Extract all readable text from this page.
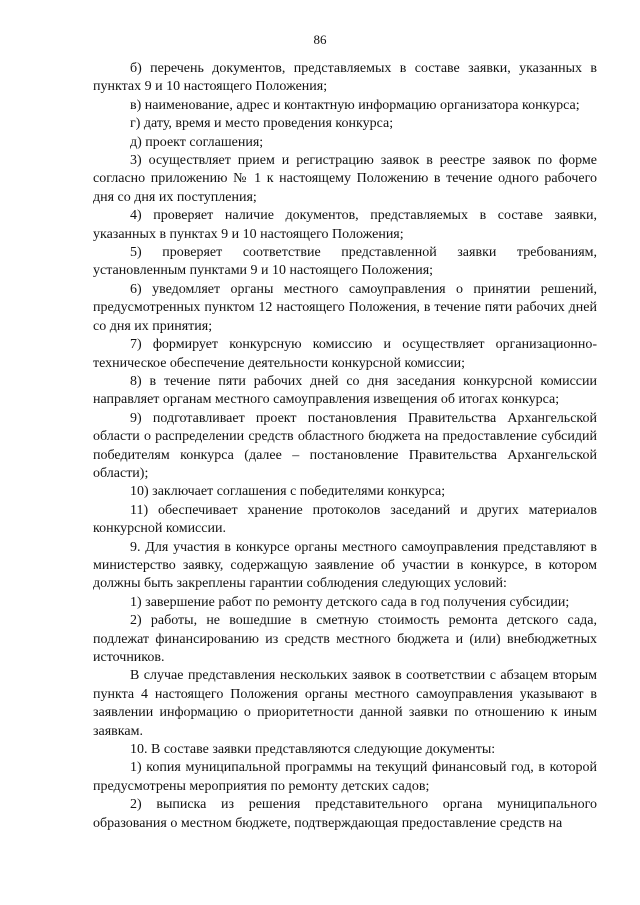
86

б) перечень документов, представляемых в составе заявки, указанных в пунктах 9 и 10 настоящего Положения;

в) наименование, адрес и контактную информацию организатора конкурса;

г) дату, время и место проведения конкурса;

д) проект соглашения;

3) осуществляет прием и регистрацию заявок в реестре заявок по форме согласно приложению № 1 к настоящему Положению в течение одного рабочего дня со дня их поступления;

4) проверяет наличие документов, представляемых в составе заявки, указанных в пунктах 9 и 10 настоящего Положения;

5) проверяет соответствие представленной заявки требованиям, установленным пунктами 9 и 10 настоящего Положения;

6) уведомляет органы местного самоуправления о принятии решений, предусмотренных пунктом 12 настоящего Положения, в течение пяти рабочих дней со дня их принятия;

7) формирует конкурсную комиссию и осуществляет организационно-техническое обеспечение деятельности конкурсной комиссии;

8) в течение пяти рабочих дней со дня заседания конкурсной комиссии направляет органам местного самоуправления извещения об итогах конкурса;

9) подготавливает проект постановления Правительства Архангельской области о распределении средств областного бюджета на предоставление субсидий победителям конкурса (далее – постановление Правительства Архангельской области);

10) заключает соглашения с победителями конкурса;

11) обеспечивает хранение протоколов заседаний и других материалов конкурсной комиссии.

9. Для участия в конкурсе органы местного самоуправления представляют в министерство заявку, содержащую заявление об участии в конкурсе, в котором должны быть закреплены гарантии соблюдения следующих условий:

1) завершение работ по ремонту детского сада в год получения субсидии;

2) работы, не вошедшие в сметную стоимость ремонта детского сада, подлежат финансированию из средств местного бюджета и (или) внебюджетных источников.

В случае представления нескольких заявок в соответствии с абзацем вторым пункта 4 настоящего Положения органы местного самоуправления указывают в заявлении информацию о приоритетности данной заявки по отношению к иным заявкам.

10. В составе заявки представляются следующие документы:

1) копия муниципальной программы на текущий финансовый год, в которой предусмотрены мероприятия по ремонту детских садов;

2) выписка из решения представительного органа муниципального образования о местном бюджете, подтверждающая предоставление средств на
